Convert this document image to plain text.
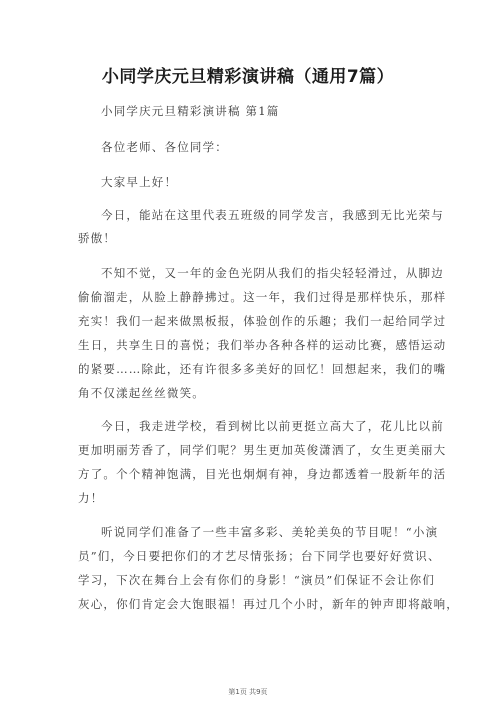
小同学庆元旦精彩演讲稿（通用7篇）
小同学庆元旦精彩演讲稿 第1篇
各位老师、各位同学：
大家早上好！
今日，能站在这里代表五班级的同学发言，我感到无比光荣与
骄傲！
不知不觉，又一年的金色光阴从我们的指尖轻轻滑过，从脚边
偷偷溜走，从脸上静静拂过。这一年，我们过得是那样快乐，那样
充实！我们一起来做黑板报，体验创作的乐趣；我们一起给同学过
生日，共享生日的喜悦；我们举办各种各样的运动比赛，感悟运动
的紧要……除此，还有许很多多美好的回忆！回想起来，我们的嘴
角不仅漾起丝丝微笑。
今日，我走进学校，看到树比以前更挺立高大了，花儿比以前
更加明丽芳香了，同学们呢？男生更加英俊潇洒了，女生更美丽大
方了。个个精神饱满，目光也炯炯有神，身边都透着一股新年的活
力！
听说同学们准备了一些丰富多彩、美轮美奂的节目呢！“小演
员”们，今日要把你们的才艺尽情张扬；台下同学也要好好赏识、
学习，下次在舞台上会有你们的身影！“演员”们保证不会让你们
灰心，你们肯定会大饱眼福！再过几个小时，新年的钟声即将敲响，
第1页 共9页
